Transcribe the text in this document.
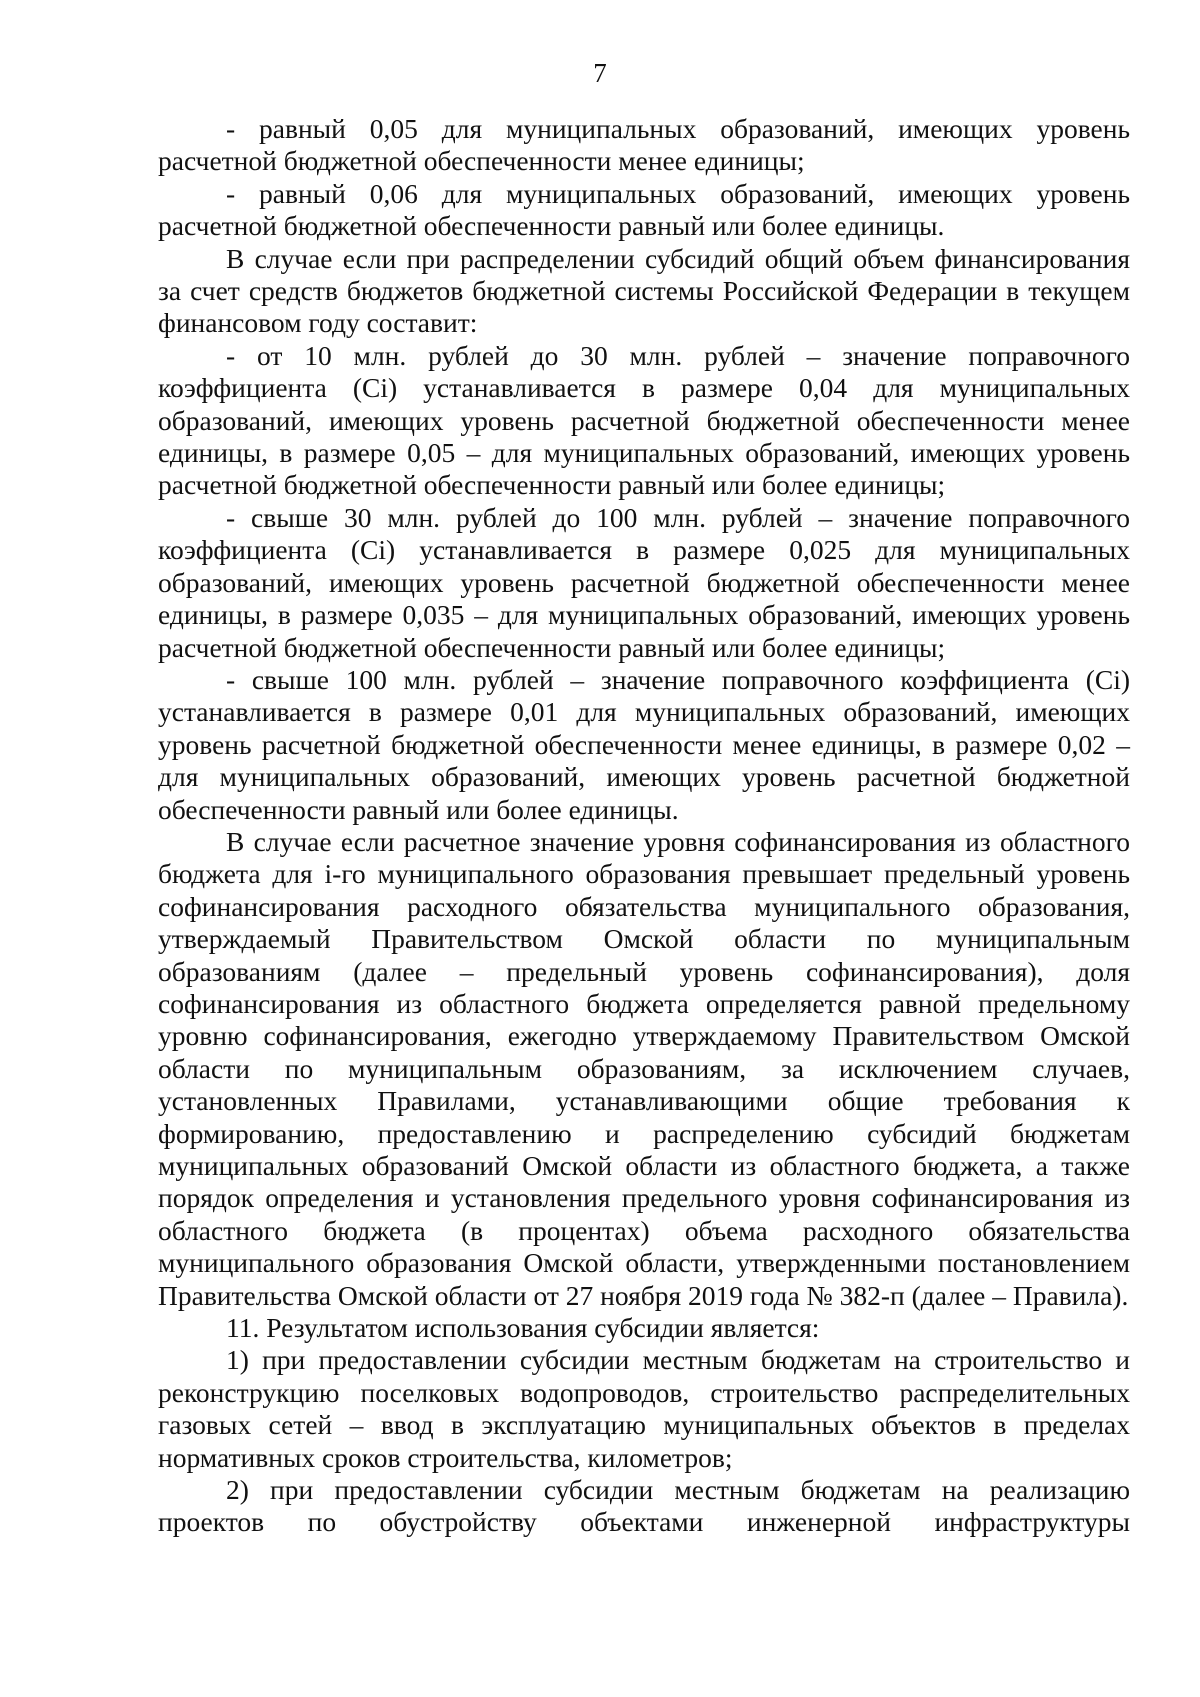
7

- равный 0,05 для муниципальных образований, имеющих уровень расчетной бюджетной обеспеченности менее единицы;

- равный 0,06 для муниципальных образований, имеющих уровень расчетной бюджетной обеспеченности равный или более единицы.

В случае если при распределении субсидий общий объем финансирования за счет средств бюджетов бюджетной системы Российской Федерации в текущем финансовом году составит:

- от 10 млн. рублей до 30 млн. рублей – значение поправочного коэффициента (Ci) устанавливается в размере 0,04 для муниципальных образований, имеющих уровень расчетной бюджетной обеспеченности менее единицы, в размере 0,05 – для муниципальных образований, имеющих уровень расчетной бюджетной обеспеченности равный или более единицы;

- свыше 30 млн. рублей до 100 млн. рублей – значение поправочного коэффициента (Ci) устанавливается в размере 0,025 для муниципальных образований, имеющих уровень расчетной бюджетной обеспеченности менее единицы, в размере 0,035 – для муниципальных образований, имеющих уровень расчетной бюджетной обеспеченности равный или более единицы;

- свыше 100 млн. рублей – значение поправочного коэффициента (Ci) устанавливается в размере 0,01 для муниципальных образований, имеющих уровень расчетной бюджетной обеспеченности менее единицы, в размере 0,02 – для муниципальных образований, имеющих уровень расчетной бюджетной обеспеченности равный или более единицы.

В случае если расчетное значение уровня софинансирования из областного бюджета для i-го муниципального образования превышает предельный уровень софинансирования расходного обязательства муниципального образования, утверждаемый Правительством Омской области по муниципальным образованиям (далее – предельный уровень софинансирования), доля софинансирования из областного бюджета определяется равной предельному уровню софинансирования, ежегодно утверждаемому Правительством Омской области по муниципальным образованиям, за исключением случаев, установленных Правилами, устанавливающими общие требования к формированию, предоставлению и распределению субсидий бюджетам муниципальных образований Омской области из областного бюджета, а также порядок определения и установления предельного уровня софинансирования из областного бюджета (в процентах) объема расходного обязательства муниципального образования Омской области, утвержденными постановлением Правительства Омской области от 27 ноября 2019 года № 382-п (далее – Правила).

11. Результатом использования субсидии является:

1) при предоставлении субсидии местным бюджетам на строительство и реконструкцию поселковых водопроводов, строительство распределительных газовых сетей – ввод в эксплуатацию муниципальных объектов в пределах нормативных сроков строительства, километров;

2) при предоставлении субсидии местным бюджетам на реализацию проектов по обустройству объектами инженерной инфраструктуры
